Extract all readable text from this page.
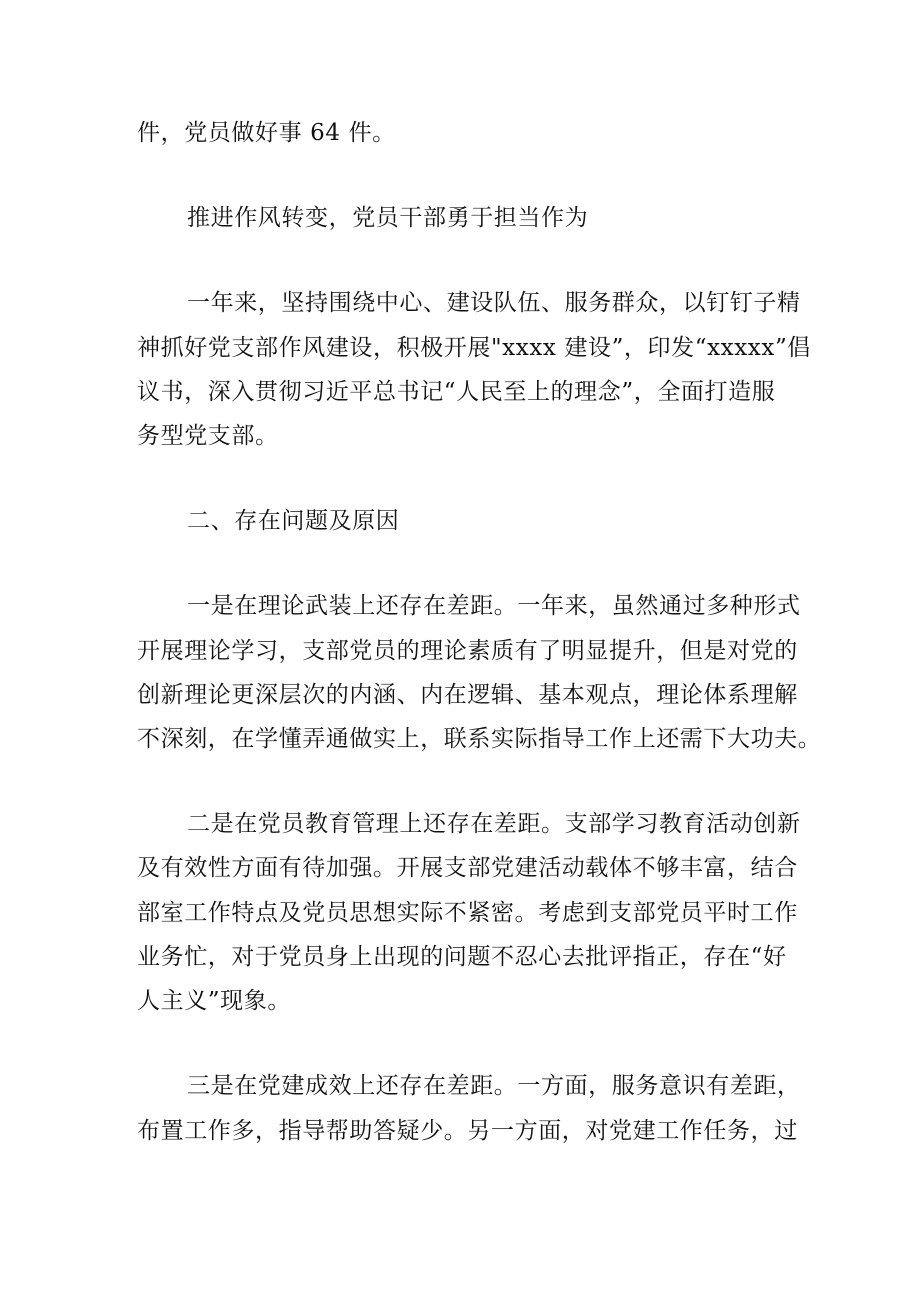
件，党员做好事 64 件。
推进作风转变，党员干部勇于担当作为
一年来，坚持围绕中心、建设队伍、服务群众，以钉钉子精
神抓好党支部作风建设，积极开展"xxxx 建设”，印发“xxxxx”倡
议书，深入贯彻习近平总书记“人民至上的理念”，全面打造服
务型党支部。
二、存在问题及原因
一是在理论武装上还存在差距。一年来，虽然通过多种形式
开展理论学习，支部党员的理论素质有了明显提升，但是对党的
创新理论更深层次的内涵、内在逻辑、基本观点，理论体系理解
不深刻，在学懂弄通做实上，联系实际指导工作上还需下大功夫。
二是在党员教育管理上还存在差距。支部学习教育活动创新
及有效性方面有待加强。开展支部党建活动载体不够丰富，结合
部室工作特点及党员思想实际不紧密。考虑到支部党员平时工作
业务忙，对于党员身上出现的问题不忍心去批评指正，存在“好
人主义”现象。
三是在党建成效上还存在差距。一方面，服务意识有差距，
布置工作多，指导帮助答疑少。另一方面，对党建工作任务，过
